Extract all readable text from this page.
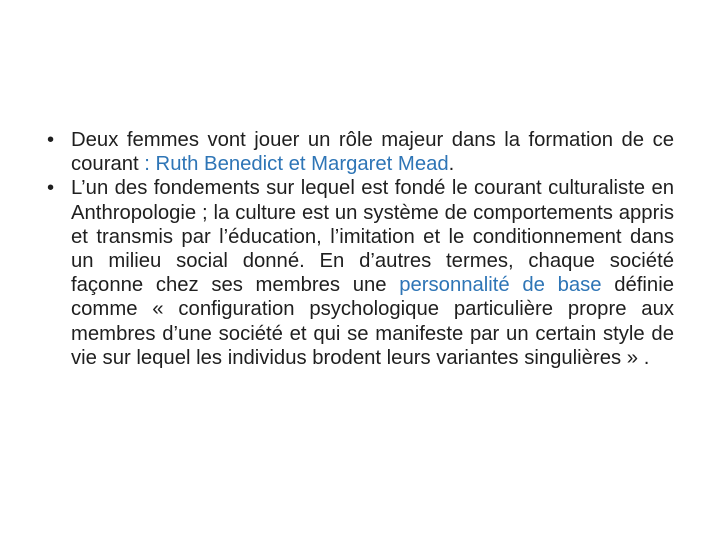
• Deux femmes vont jouer un rôle majeur dans la formation de ce courant : Ruth Benedict et Margaret Mead.
• L’un des fondements sur lequel est fondé le courant culturaliste en Anthropologie ; la culture est un système de comportements appris et transmis par l’éducation, l’imitation et le conditionnement dans un milieu social donné. En d’autres termes, chaque société façonne chez ses membres une personnalité de base définie comme « configuration psychologique particulière propre aux membres d’une société et qui se manifeste par un certain style de vie sur lequel les individus brodent leurs variantes singulières » .
